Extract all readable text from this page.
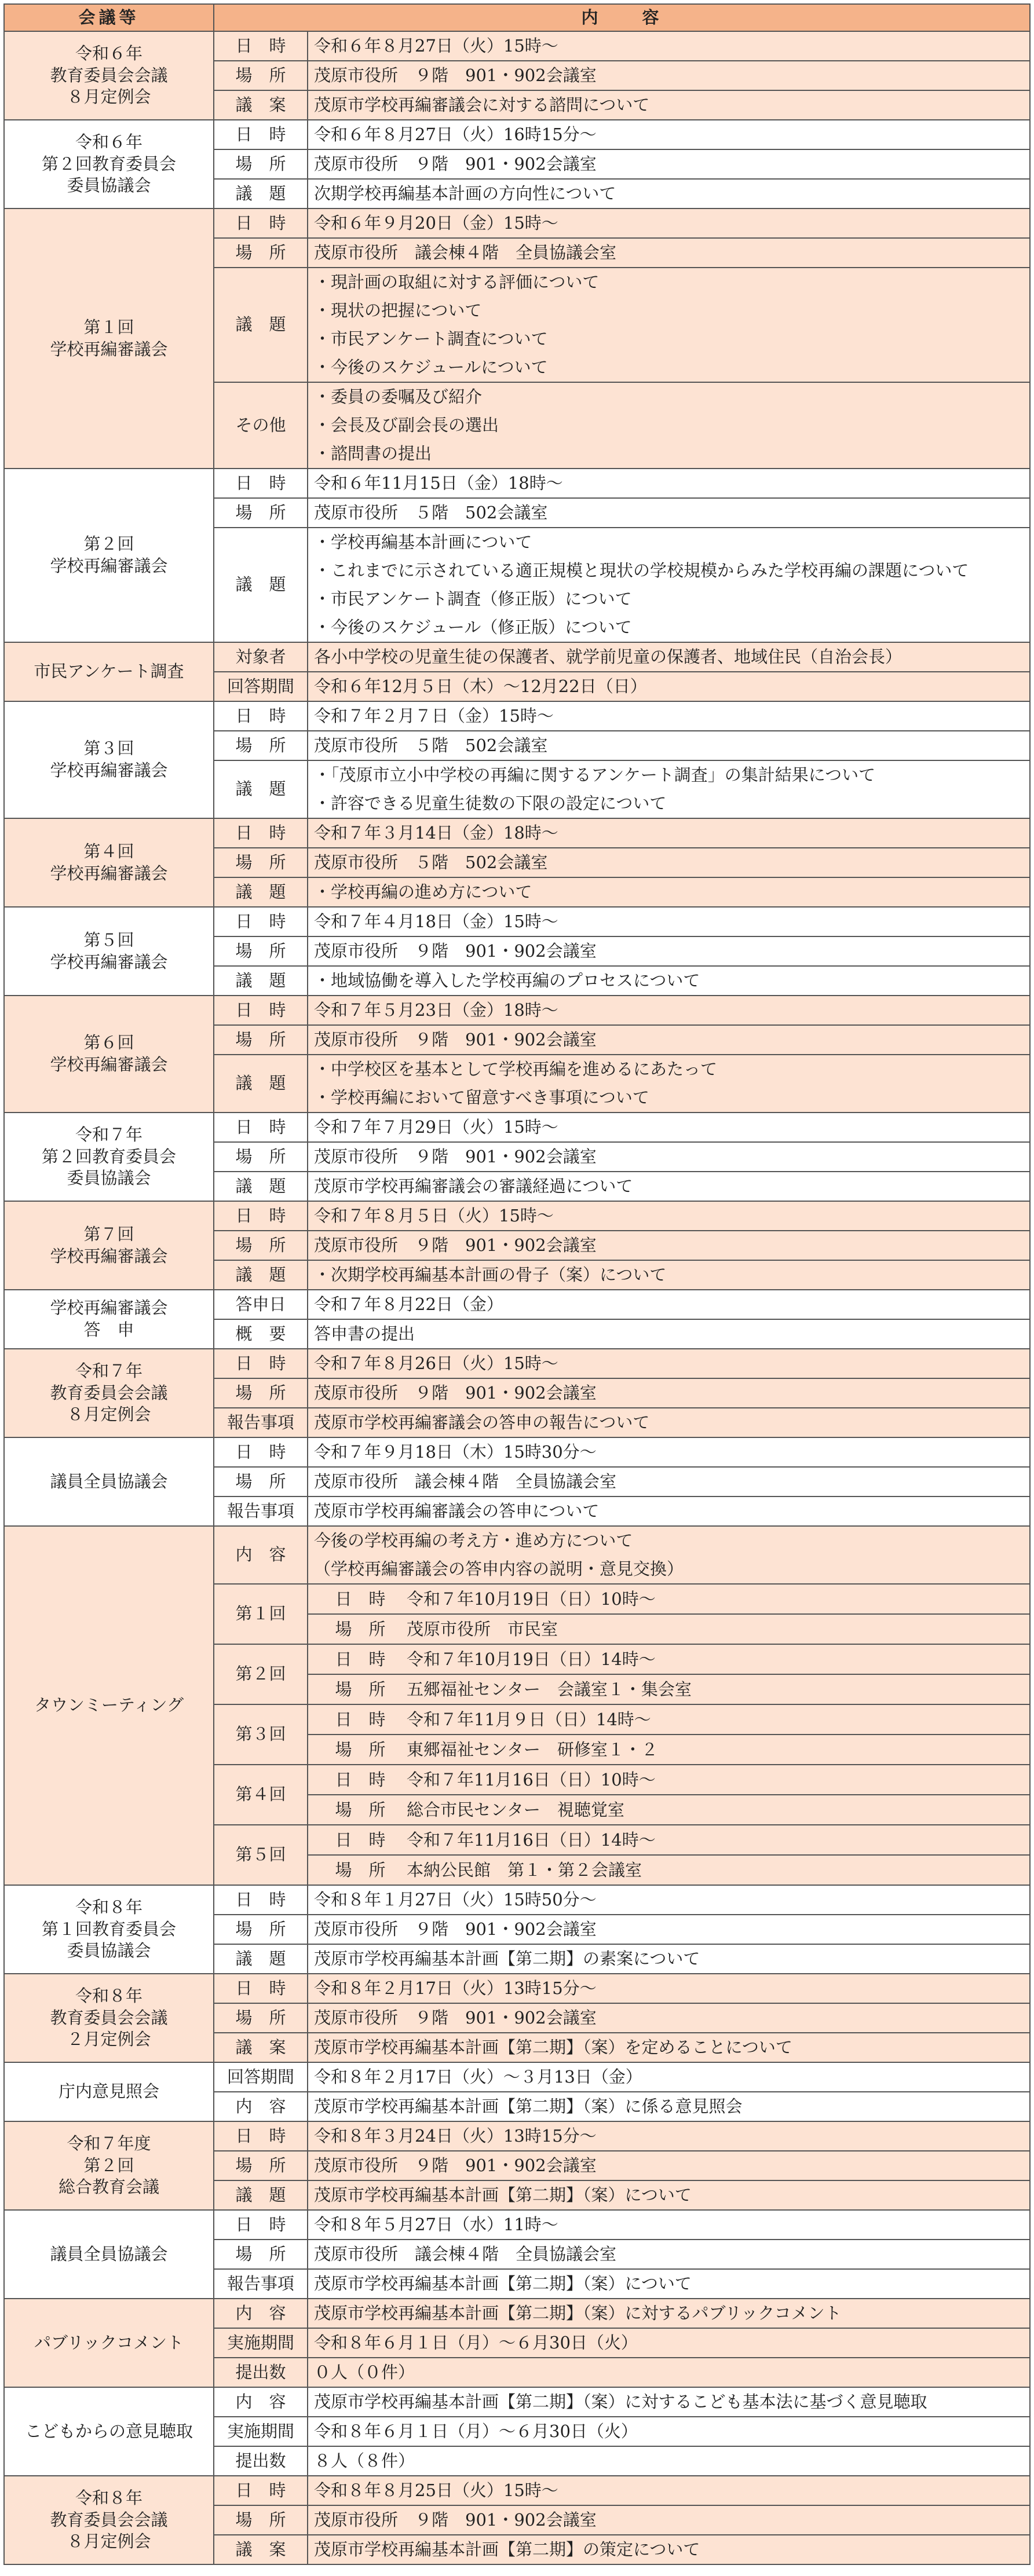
会議等	内　　容	

令和６年
教育委員会会議
８月定例会	日　時	令和６年８月27日（火）15時～

	場　所	茂原市役所　９階　901・902会議室

	議　案	茂原市学校再編審議会に対する諮問について

令和６年
第２回教育委員会
委員協議会	日　時	令和６年８月27日（火）16時15分～

	場　所	茂原市役所　９階　901・902会議室

	議　題	次期学校再編基本計画の方向性について

第１回
学校再編審議会	日　時	令和６年９月20日（金）15時～

	場　所	茂原市役所　議会棟４階　全員協議会室

	議　題	・現計画の取組に対する評価について
・現状の把握について
・市民アンケート調査について
・今後のスケジュールについて

	その他	・委員の委嘱及び紹介
・会長及び副会長の選出
・諮問書の提出

第２回
学校再編審議会	日　時	令和６年11月15日（金）18時～

	場　所	茂原市役所　５階　502会議室

	議　題	・学校再編基本計画について
・これまでに示されている適正規模と現状の学校規模からみた学校再編の課題について
・市民アンケート調査（修正版）について
・今後のスケジュール（修正版）について

市民アンケート調査	対象者	各小中学校の児童生徒の保護者、就学前児童の保護者、地域住民（自治会長）

	回答期間	令和６年12月５日（木）～12月22日（日）

第３回
学校再編審議会	日　時	令和７年２月７日（金）15時～

	場　所	茂原市役所　５階　502会議室

	議　題	・「茂原市立小中学校の再編に関するアンケート調査」の集計結果について
・許容できる児童生徒数の下限の設定について

第４回
学校再編審議会	日　時	令和７年３月14日（金）18時～

	場　所	茂原市役所　５階　502会議室

	議　題	・学校再編の進め方について

第５回
学校再編審議会	日　時	令和７年４月18日（金）15時～

	場　所	茂原市役所　９階　901・902会議室

	議　題	・地域協働を導入した学校再編のプロセスについて

第６回
学校再編審議会	日　時	令和７年５月23日（金）18時～

	場　所	茂原市役所　９階　901・902会議室

	議　題	・中学校区を基本として学校再編を進めるにあたって
・学校再編において留意すべき事項について

令和７年
第２回教育委員会
委員協議会	日　時	令和７年７月29日（火）15時～

	場　所	茂原市役所　９階　901・902会議室

	議　題	茂原市学校再編審議会の審議経過について

第７回
学校再編審議会	日　時	令和７年８月５日（火）15時～

	場　所	茂原市役所　９階　901・902会議室

	議　題	・次期学校再編基本計画の骨子（案）について

学校再編審議会
答　申	答申日	令和７年８月22日（金）

	概　要	答申書の提出

令和７年
教育委員会会議
８月定例会	日　時	令和７年８月26日（火）15時～

	場　所	茂原市役所　９階　901・902会議室

	報告事項	茂原市学校再編審議会の答申の報告について

議員全員協議会	日　時	令和７年９月18日（木）15時30分～

	場　所	茂原市役所　議会棟４階　全員協議会室

	報告事項	茂原市学校再編審議会の答申について

タウンミーティング	内　容	今後の学校再編の考え方・進め方について
（学校再編審議会の答申内容の説明・意見交換）

	第１回	日　時 令和７年10月19日（日）10時～
		場　所 茂原市役所　市民室
	第２回	日　時 令和７年10月19日（日）14時～
		場　所 五郷福祉センター　会議室１・集会室
	第３回	日　時 令和７年11月９日（日）14時～
		場　所 東郷福祉センター　研修室１・２
	第４回	日　時 令和７年11月16日（日）10時～
		場　所 総合市民センター　視聴覚室
	第５回	日　時 令和７年11月16日（日）14時～
		場　所 本納公民館　第１・第２会議室

令和８年
第１回教育委員会
委員協議会	日　時	令和８年１月27日（火）15時50分～

	場　所	茂原市役所　９階　901・902会議室

	議　題	茂原市学校再編基本計画【第二期】の素案について

令和８年
教育委員会会議
２月定例会	日　時	令和８年２月17日（火）13時15分～

	場　所	茂原市役所　９階　901・902会議室

	議　案	茂原市学校再編基本計画【第二期】（案）を定めることについて

庁内意見照会	回答期間	令和８年２月17日（火）～３月13日（金）

	内　容	茂原市学校再編基本計画【第二期】（案）に係る意見照会

令和７年度
第２回
総合教育会議	日　時	令和８年３月24日（火）13時15分～

	場　所	茂原市役所　９階　901・902会議室

	議　題	茂原市学校再編基本計画【第二期】（案）について

議員全員協議会	日　時	令和８年５月27日（水）11時～

	場　所	茂原市役所　議会棟４階　全員協議会室

	報告事項	茂原市学校再編基本計画【第二期】（案）について

パブリックコメント	内　容	茂原市学校再編基本計画【第二期】（案）に対するパブリックコメント

	実施期間	令和８年６月１日（月）～６月30日（火）

	提出数	０人（０件）

こどもからの意見聴取	内　容	茂原市学校再編基本計画【第二期】（案）に対するこども基本法に基づく意見聴取

	実施期間	令和８年６月１日（月）～６月30日（火）

	提出数	８人（８件）

令和８年
教育委員会会議
８月定例会	日　時	令和８年８月25日（火）15時～

	場　所	茂原市役所　９階　901・902会議室

	議　案	茂原市学校再編基本計画【第二期】の策定について
